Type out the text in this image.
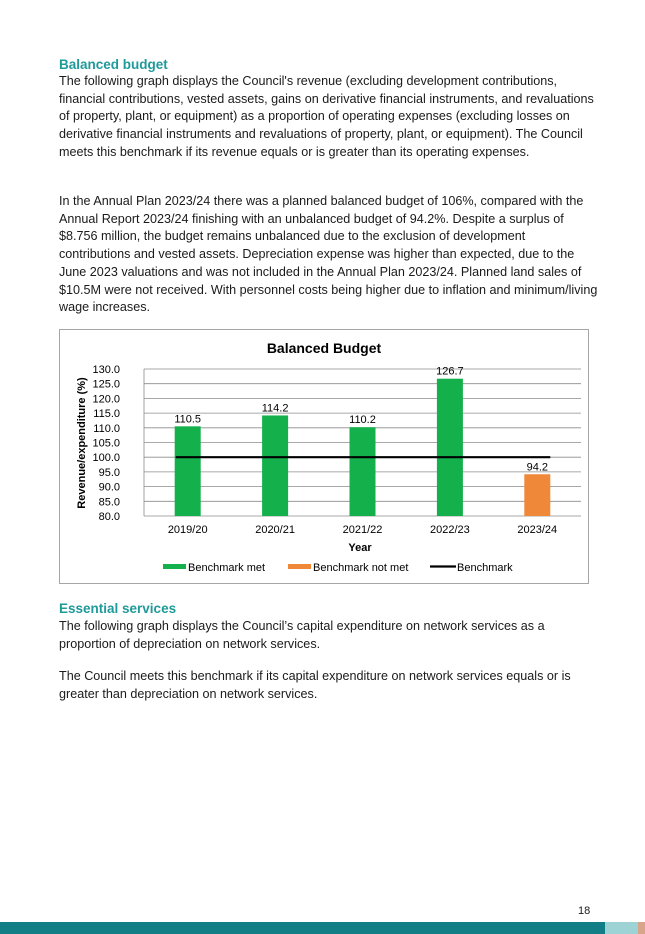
Balanced budget

The following graph displays the Council's revenue (excluding development contributions, financial contributions, vested assets, gains on derivative financial instruments, and revaluations of property, plant, or equipment) as a proportion of operating expenses (excluding losses on derivative financial instruments and revaluations of property, plant, or equipment). The Council meets this benchmark if its revenue equals or is greater than its operating expenses.

In the Annual Plan 2023/24 there was a planned balanced budget of 106%, compared with the Annual Report 2023/24 finishing with an unbalanced budget of 94.2%. Despite a surplus of $8.756 million, the budget remains unbalanced due to the exclusion of development contributions and vested assets. Depreciation expense was higher than expected, due to the June 2023 valuations and was not included in the Annual Plan 2023/24. Planned land sales of $10.5M were not received. With personnel costs being higher due to inflation and minimum/living wage increases.

80.0
85.0
90.0
95.0
100.0
105.0
110.0
115.0
120.0
125.0
130.0
110.5
2019/20
114.2
2020/21
110.2
2021/22
126.7
2022/23
94.2
2023/24
Balanced Budget
Year
Revenue/expenditure (%)
Benchmark met	Benchmark not met	Benchmark
Essential services

The following graph displays the Council’s capital expenditure on network services as a proportion of depreciation on network services.

The Council meets this benchmark if its capital expenditure on network services equals or is greater than depreciation on network services.

18
